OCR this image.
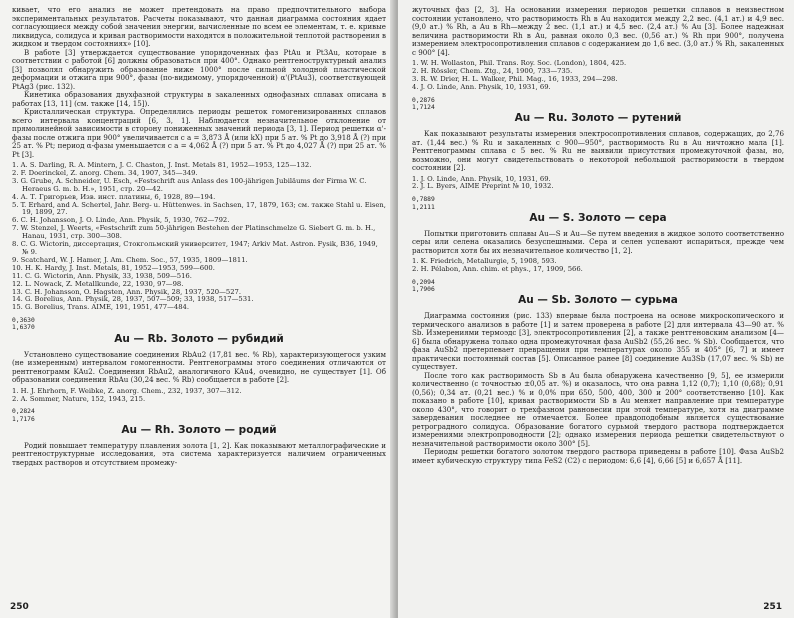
кивает, что его анализ не может претендовать на право предпочтительного выбора экспериментальных результатов. Расчеты показывают, что данная диаграмма состояния ядает согласующиеся между собой значения энергии, вычисленные по всем ее элементам, т. е. кривые ликвидуса, солидуса и кривая растворимости находятся в положительной теплотой растворения в жидком и твердом состояниях» [10].

В работе [3] утверждается существование упорядоченных фаз PtAu и Pt3Au, которые в соответствии с работой [6] должны образоваться при 400°. Однако рентгеноструктурный анализ [3] позволял обнаружить образование ниже 1000° после сильной холодной пластической деформации и отжига при 900°, фазы (по-видимому, упорядоченной) α'(PtAu3), соответствующей PtAg3 (рис. 132).

Кинетика образования двухфазной структуры в закаленных однофазных сплавах описана в работах [13, 11] (см. также [14, 15]).

Кристаллическая структура. Определялись периоды решеток гомогенизированных сплавов всего интервала концентраций [6, 3, 1]. Наблюдается незначительное отклонение от прямолинейной зависимости в сторону пониженных значений периода [3, 1]. Период решетки α'-фазы после отжига при 900° увеличивается с a = 3,873 Å (или kX) при 5 ат. % Pt до 3,918 Å (?) при 25 ат. % Pt; период α-фазы уменьшается с a = 4,062 Å (?) при 5 ат. % Pt до 4,027 Å (?) при 25 ат. % Pt [3].

1. A. S. Darling, R. A. Mintern, J. C. Chaston, J. Inst. Metals 81, 1952—1953, 125—132.
2. F. Doerinckel, Z. anorg. Chem. 34, 1907, 345—349.
3. G. Grube, A. Schneider, U. Esch, «Festschrift aus Anlass des 100-jährigen Jubiläums der Firma W. C. Heraeus G. m. b. H.», 1951, стр. 20—42.
4. А. Т. Григорьев, Изв. инст. платины, 6, 1928, 89—194.
5. T. Erhard, and A. Schertel, Jahr. Berg- u. Hüttenwes. in Sachsen, 17, 1879, 163; см. также Stahl u. Eisen, 19, 1899, 27.
6. C. H. Johansson, J. O. Linde, Ann. Physik, 5, 1930, 762—792.
7. W. Stenzel, J. Weerts, «Festschrift zum 50-jährigen Bestehen der Platinschmelze G. Siebert G. m. b. H., Hanau, 1931, стр. 300—308.
8. C. G. Wictorin, диссертация, Стокгольмский университет, 1947; Arkiv Mat. Astron. Fysik, B36, 1949, № 9.
9. Scatchard, W. J. Hamer, J. Am. Chem. Soc., 57, 1935, 1809—1811.
10. H. K. Hardy, J. Inst. Metals, 81, 1952—1953, 599—600.
11. C. G. Wictorin, Ann. Physik, 33, 1938, 509—516.
12. L. Nowack, Z. Metallkunde, 22, 1930, 97—98.
13. C. H. Johansson, O. Hagsten, Ann. Physik, 28, 1937, 520—527.
14. G. Borelius, Ann. Physik, 28, 1937, 507—509; 33, 1938, 517—531.
15. G. Borelius, Trans. AIME, 191, 1951, 477—484.
0,3630
1,6370
Au — Rb. Золото — рубидий

Установлено существование соединения RbAu2 (17,81 вес. % Rb), характеризующегося узким (не измеренным) интервалом гомогенности. Рентгенограммы этого соединения отличаются от рентгенограмм KAu2. Соединения RbAu2, аналогичного KAu4, очевидно, не существует [1]. Об образовании соединения RbAu (30,24 вес. % Rb) сообщается в работе [2].

1. H. J. Ehrhorn, F. Weibke, Z. anorg. Chem., 232, 1937, 307—312.
2. A. Sommer, Nature, 152, 1943, 215.
0,2824
1,7176
Au — Rh. Золото — родий

Родий повышает температуру плавления золота [1, 2]. Как показывают металлографические и рентгеноструктурные исследования, эта система характеризуется наличием ограниченных твердых растворов и отсутствием промежу-

250

жуточных фаз [2, 3]. На основании измерения периодов решетки сплавов в неизвестном состоянии установлено, что растворимость Rh в Au находится между 2,2 вес. (4,1 ат.) и 4,9 вес. (9,0 ат.) % Rh, а Au в Rh—между 2 вес. (1,1 ат.) и 4,5 вес. (2,4 ат.) % Au [3]. Более надежная величина растворимости Rh в Au, равная около 0,3 вес. (0,56 ат.) % Rh при 900°, получена измерением электросопротивления сплавов с содержанием до 1,6 вес. (3,0 ат.) % Rh, закаленных с 900° [4].

1. W. H. Wollaston, Phil. Trans. Roy. Soc. (London), 1804, 425.
2. H. Rössler, Chem. Ztg., 24, 1900, 733—735.
3. R. W. Drier, H. L. Walker, Phil. Mag., 16, 1933, 294—298.
4. J. O. Linde, Ann. Physik, 10, 1931, 69.
0,2876
1,7124
Au — Ru. Золото — рутений

Как показывают результаты измерения электросопротивления сплавов, содержащих, до 2,76 ат. (1,44 вес.) % Ru и закаленных с 900—950°, растворимость Ru в Au ничтожно мала [1]. Рентгенограммы сплава с 5 вес. % Ru не выявили присутствия промежуточной фазы, но, возможно, они могут свидетельствовать о некоторой небольшой растворимости в твердом состоянии [2].

1. J. O. Linde, Ann. Physik, 10, 1931, 69.
2. J. L. Byers, AIME Preprint № 10, 1932.
0,7889
1,2111
Au — S. Золото — сера

Попытки приготовить сплавы Au—S и Au—Se путем введения в жидкое золото соответственно серы или селена оказались безуспешными. Сера и селен успевают испариться, прежде чем растворится хотя бы их незначительное количество [1, 2].

1. K. Friedrich, Metallurgie, 5, 1908, 593.
2. H. Pélabon, Ann. chim. et phys., 17, 1909, 566.
0,2094
1,7906
Au — Sb. Золото — сурьма

Диаграмма состояния (рис. 133) впервые была построена на основе микроскопического и термического анализов в работе [1] и затем проверена в работе [2] для интервала 43—90 ат. % Sb. Измерениями термоэдс [3], электросопротивления [2], а также рентгеновским анализом [4—6] была обнаружена только одна промежуточная фаза AuSb2 (55,26 вес. % Sb). Сообщается, что фаза AuSb2 претерпевает превращения при температурах около 355 и 405° [6, 7] и имеет практически постоянный состав [5]. Описанное ранее [8] соединение Au3Sb (17,07 вес. % Sb) не существует.

После того как растворимость Sb в Au была обнаружена качественно [9, 5], ее измерили количественно (с точностью ±0,05 ат. %) и оказалось, что она равна 1,12 (0,7); 1,10 (0,68); 0,91 (0,56); 0,34 ат. (0,21 вес.) % и 0,0% при 650, 500, 400, 300 и 200° соответственно [10]. Как показано в работе [10], кривая растворимости Sb в Au меняет направление при температуре около 430°, что говорит о трехфазном равновесии при этой температуре, хотя на диаграмме завердевания последнее не отмечается. Более правдоподобным является существование ретроградного солидуса. Образование богатого сурьмой твердого раствора подтверждается измерениями электропроводности [2]; однако измерения периода решетки свидетельствуют о незначительной растворимости около 300° [5].

Периоды решетки богатого золотом твердого раствора приведены в работе [10]. Фаза AuSb2 имеет кубическую структуру типа FeS2 (C2) с периодом: 6,6 [4], 6,66 [5] и 6,657 Å [11].

251
